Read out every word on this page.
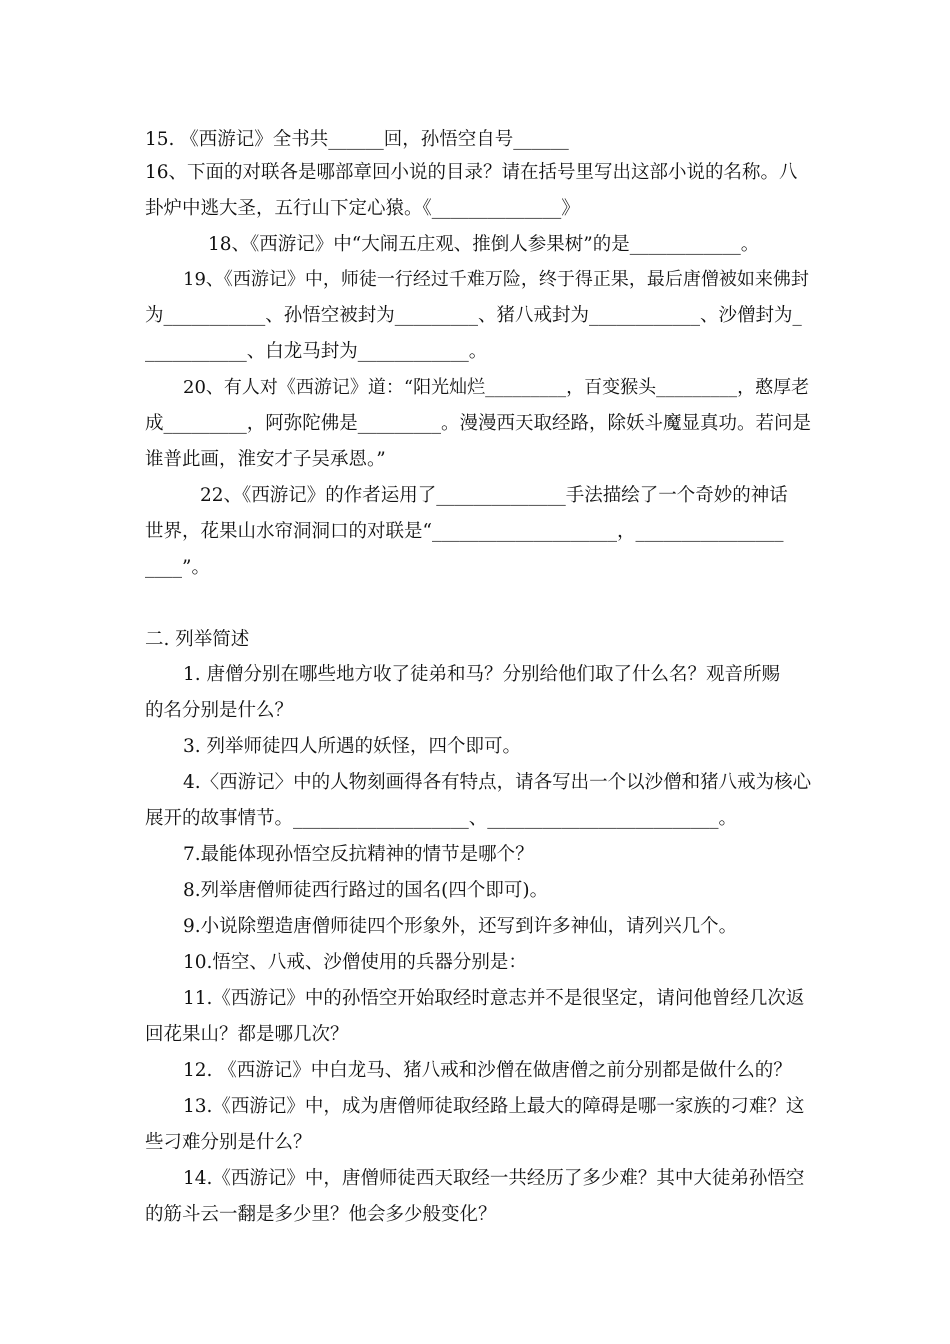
15. 《西游记》全书共______回，孙悟空自号______
16、下面的对联各是哪部章回小说的目录？请在括号里写出这部小说的名称。八
卦炉中逃大圣，五行山下定心猿。《______________》
18、《西游记》中“大闹五庄观、推倒人参果树”的是____________。
19、《西游记》中，师徒一行经过千难万险，终于得正果，最后唐僧被如来佛封
为___________、孙悟空被封为_________、猪八戒封为____________、沙僧封为_
___________、白龙马封为____________。
20、有人对《西游记》道：“阳光灿烂_________，百变猴头_________，憨厚老
成_________，阿弥陀佛是_________。漫漫西天取经路，除妖斗魔显真功。若问是
谁普此画，淮安才子吴承恩。”
22、《西游记》的作者运用了______________手法描绘了一个奇妙的神话
世界，花果山水帘洞洞口的对联是“____________________，________________
____”。
二. 列举简述
1. 唐僧分别在哪些地方收了徒弟和马？分别给他们取了什么名？观音所赐
的名分别是什么？
3. 列举师徒四人所遇的妖怪，四个即可。
4.〈西游记〉中的人物刻画得各有特点，请各写出一个以沙僧和猪八戒为核心
展开的故事情节。___________________、_________________________。
7.最能体现孙悟空反抗精神的情节是哪个？
8.列举唐僧师徒西行路过的国名(四个即可)。
9.小说除塑造唐僧师徒四个形象外，还写到许多神仙，请列兴几个。
10.悟空、八戒、沙僧使用的兵器分别是：
11.《西游记》中的孙悟空开始取经时意志并不是很坚定，请问他曾经几次返
回花果山？都是哪几次？
12. 《西游记》中白龙马、猪八戒和沙僧在做唐僧之前分别都是做什么的？
13.《西游记》中，成为唐僧师徒取经路上最大的障碍是哪一家族的刁难？这
些刁难分别是什么？
14.《西游记》中，唐僧师徒西天取经一共经历了多少难？其中大徒弟孙悟空
的筋斗云一翻是多少里？他会多少般变化？
